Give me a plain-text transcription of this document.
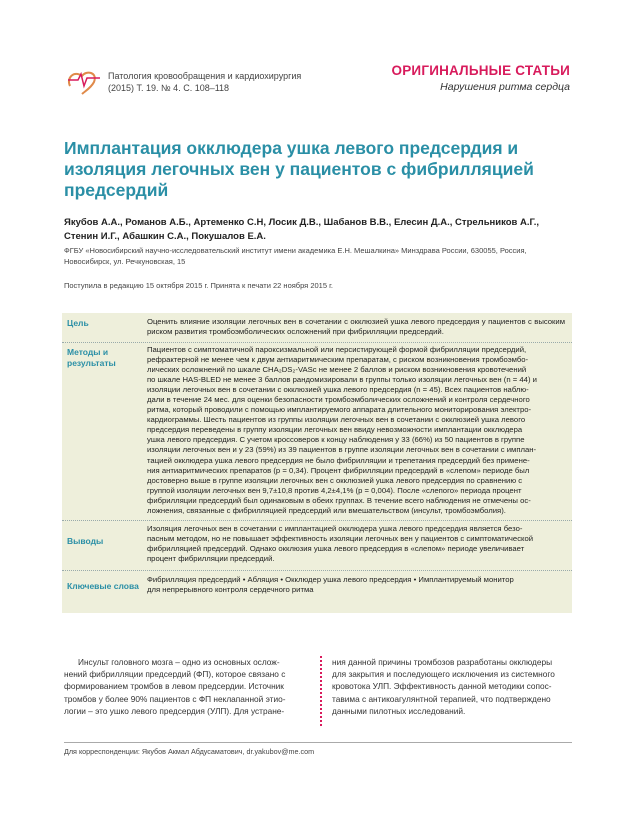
Патология кровообращения и кардиохирургия
(2015) Т. 19. № 4. С. 108–118
ОРИГИНАЛЬНЫЕ СТАТЬИ
Нарушения ритма сердца
Имплантация окклюдера ушка левого предсердия и изоляция легочных вен у пациентов с фибрилляцией предсердий
Якубов А.А., Романов А.Б., Артеменко С.Н, Лосик Д.В., Шабанов В.В., Елесин Д.А., Стрельников А.Г., Стенин И.Г., Абашкин С.А., Покушалов Е.А.
ФГБУ «Новосибирский научно-исследовательский институт имени академика Е.Н. Мешалкина» Минздрава России, 630055, Россия, Новосибирск, ул. Речкуновская, 15
Поступила в редакцию 15 октября 2015 г. Принята к печати 22 ноября 2015 г.
Цель	Оценить влияние изоляции легочных вен в сочетании с окклюзией ушка левого предсердия у пациентов с высоким риском развития тромбоэмболических осложнений при фибрилляции предсердий.
Методы и
результаты
Пациентов с симптоматичной пароксизмальной или персистирующей формой фибрилляции предсердий,
рефрактерной не менее чем к двум антиаритмическим препаратам, с риском возникновения тромбоэмбо-
лических осложнений по шкале CHA₂DS₂-VASc не менее 2 баллов и риском возникновения кровотечений
по шкале HAS-BLED не менее 3 баллов рандомизировали в группы только изоляции легочных вен (n = 44) и
изоляции легочных вен в сочетании с окклюзией ушка левого предсердия (n = 45). Всех пациентов наблю-
дали в течение 24 мес. для оценки безопасности тромбоэмболических осложнений и контроля сердечного
ритма, который проводили с помощью имплантируемого аппарата длительного мониторирования электро-
кардиограммы. Шесть пациентов из группы изоляции легочных вен в сочетании с окклюзией ушка левого
предсердия переведены в группу изоляции легочных вен ввиду невозможности имплантации окклюдера
ушка левого предсердия. С учетом кроссоверов к концу наблюдения у 33 (66%) из 50 пациентов в группе
изоляции легочных вен и у 23 (59%) из 39 пациентов в группе изоляции легочных вен в сочетании с имплан-
тацией окклюдера ушка левого предсердия не было фибрилляции и трепетания предсердий без примене-
ния антиаритмических препаратов (p = 0,34). Процент фибрилляции предсердий в «слепом» периоде был
достоверно выше в группе изоляции легочных вен с окклюзией ушка левого предсердия по сравнению с
группой изоляции легочных вен 9,7±10,8 против 4,2±4,1% (p = 0,004). После «слепого» периода процент
фибрилляции предсердий был одинаковым в обеих группах. В течение всего наблюдения не отмечены ос-
ложнения, связанные с фибрилляцией предсердий или вмешательством (инсульт, тромбоэмболия).
Выводы
Изоляция легочных вен в сочетании с имплантацией окклюдера ушка левого предсердия является безо-
пасным методом, но не повышает эффективность изоляции легочных вен у пациентов с симптоматической
фибрилляцией предсердий. Однако окклюзия ушка левого предсердия в «слепом» периоде увеличивает
процент фибрилляции предсердий.
Ключевые слова
Фибрилляция предсердий • Абляция • Окклюдер ушка левого предсердия • Имплантируемый монитор
для непрерывного контроля сердечного ритма
Инсульт головного мозга – одно из основных ослож-
нений фибрилляции предсердий (ФП), которое связано с
формированием тромбов в левом предсердии. Источник
тромбов у более 90% пациентов с ФП неклапанной этио-
логии – это ушко левого предсердия (УЛП). Для устране-
ния данной причины тромбозов разработаны окклюдеры
для закрытия и последующего исключения из системного
кровотока УЛП. Эффективность данной методики сопос-
тавима с антикоагулянтной терапией, что подтверждено
данными пилотных исследований.
Для корреспонденции: Якубов Акмал Абдусаматович, dr.yakubov@me.com
